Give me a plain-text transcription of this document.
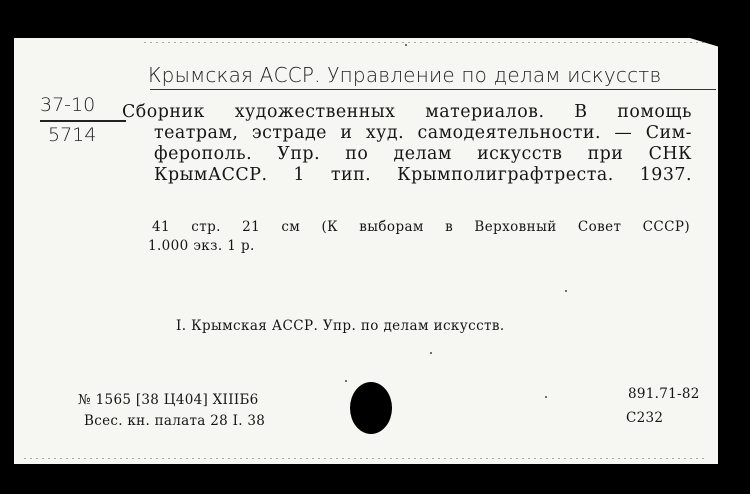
Крымская АССР. Управление по делам искусств
37-10
5714
Сборник художественных материалов. В помощь
театрам, эстраде и худ. самодеятельности. — Сим-
ферополь. Упр. по делам искусств при СНК
КрымАССР. 1 тип. Крымполиграфтреста. 1937.
41 стр. 21 см (К выборам в Верховный Совет СССР)
1.000 экз. 1 р.
I. Крымская АССР. Упр. по делам искусств.
№ 1565 [38 Ц404] XIIIБ6
Всес. кн. палата 28 I. 38
891.71-82
С232
